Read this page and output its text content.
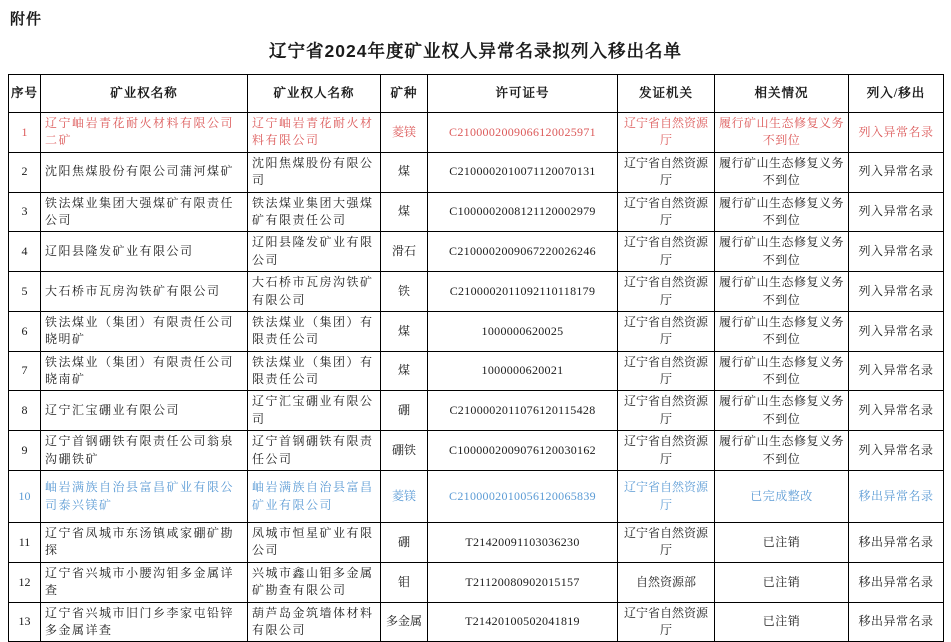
附件
辽宁省2024年度矿业权人异常名录拟列入移出名单
序号	矿业权名称	矿业权人名称	矿种	许可证号	发证机关	相关情况	列入/移出
1	辽宁岫岩青花耐火材料有限公司二矿	辽宁岫岩青花耐火材料有限公司	菱镁	C2100002009066120025971	辽宁省自然资源厅	履行矿山生态修复义务不到位	列入异常名录
2	沈阳焦煤股份有限公司蒲河煤矿	沈阳焦煤股份有限公司	煤	C2100002010071120070131	辽宁省自然资源厅	履行矿山生态修复义务不到位	列入异常名录
3	铁法煤业集团大强煤矿有限责任公司	铁法煤业集团大强煤矿有限责任公司	煤	C1000002008121120002979	辽宁省自然资源厅	履行矿山生态修复义务不到位	列入异常名录
4	辽阳县隆发矿业有限公司	辽阳县隆发矿业有限公司	滑石	C2100002009067220026246	辽宁省自然资源厅	履行矿山生态修复义务不到位	列入异常名录
5	大石桥市瓦房沟铁矿有限公司	大石桥市瓦房沟铁矿有限公司	铁	C2100002011092110118179	辽宁省自然资源厅	履行矿山生态修复义务不到位	列入异常名录
6	铁法煤业（集团）有限责任公司晓明矿	铁法煤业（集团）有限责任公司	煤	1000000620025	辽宁省自然资源厅	履行矿山生态修复义务不到位	列入异常名录
7	铁法煤业（集团）有限责任公司晓南矿	铁法煤业（集团）有限责任公司	煤	1000000620021	辽宁省自然资源厅	履行矿山生态修复义务不到位	列入异常名录
8	辽宁汇宝硼业有限公司	辽宁汇宝硼业有限公司	硼	C2100002011076120115428	辽宁省自然资源厅	履行矿山生态修复义务不到位	列入异常名录
9	辽宁首钢硼铁有限责任公司翁泉沟硼铁矿	辽宁首钢硼铁有限责任公司	硼铁	C1000002009076120030162	辽宁省自然资源厅	履行矿山生态修复义务不到位	列入异常名录
10	岫岩满族自治县富昌矿业有限公司泰兴镁矿	岫岩满族自治县富昌矿业有限公司	菱镁	C2100002010056120065839	辽宁省自然资源厅	已完成整改	移出异常名录
11	辽宁省凤城市东汤镇咸家硼矿勘探	凤城市恒星矿业有限公司	硼	T21420091103036230	辽宁省自然资源厅	已注销	移出异常名录
12	辽宁省兴城市小腰沟钼多金属详查	兴城市鑫山钼多金属矿勘查有限公司	钼	T21120080902015157	自然资源部	已注销	移出异常名录
13	辽宁省兴城市旧门乡李家屯铅锌多金属详查	葫芦岛金筑墙体材料有限公司	多金属	T21420100502041819	辽宁省自然资源厅	已注销	移出异常名录
